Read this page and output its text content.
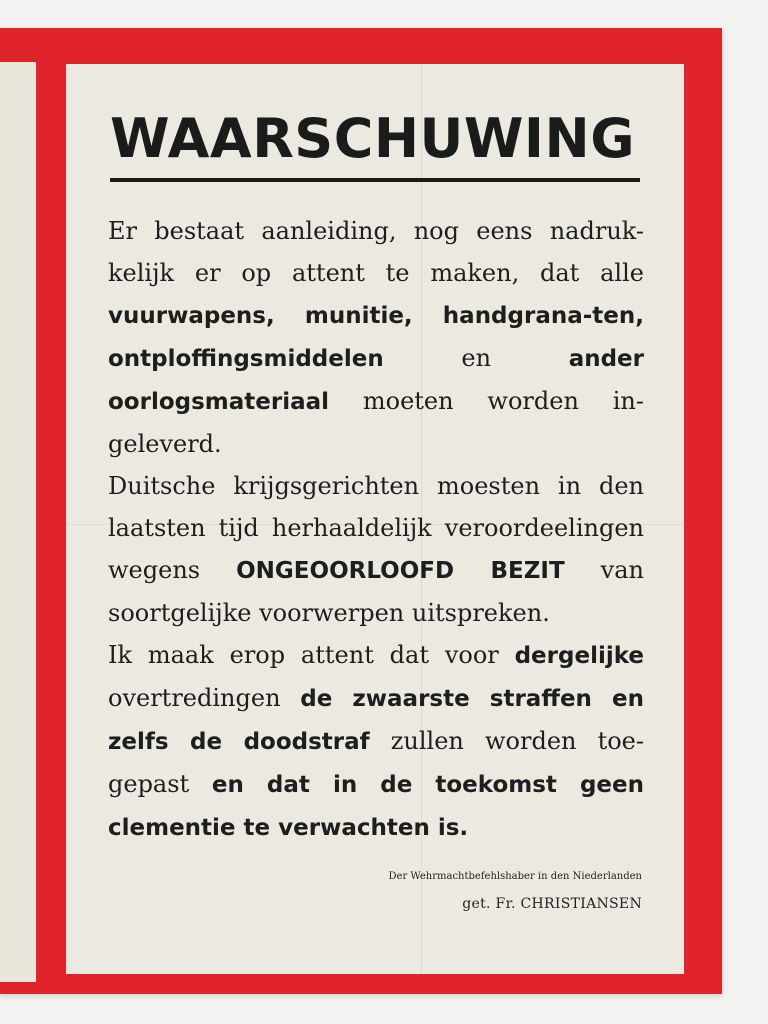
WAARSCHUWING

Er bestaat aanleiding, nog eens nadruk-kelijk er op attent te maken, dat alle vuurwapens, munitie, handgrana-ten, ontploffingsmiddelen en ander oorlogsmateriaal moeten worden in-geleverd.

Duitsche krijgsgerichten moesten in den laatsten tijd herhaaldelijk veroordeelingen wegens ONGEOORLOOFD BEZIT van soortgelijke voorwerpen uitspreken.

Ik maak erop attent dat voor dergelijke overtredingen de zwaarste straffen en zelfs de doodstraf zullen worden toe-gepast en dat in de toekomst geen clementie te verwachten is.

Der Wehrmachtbefehlshaber in den Niederlanden
get. Fr. CHRISTIANSEN
